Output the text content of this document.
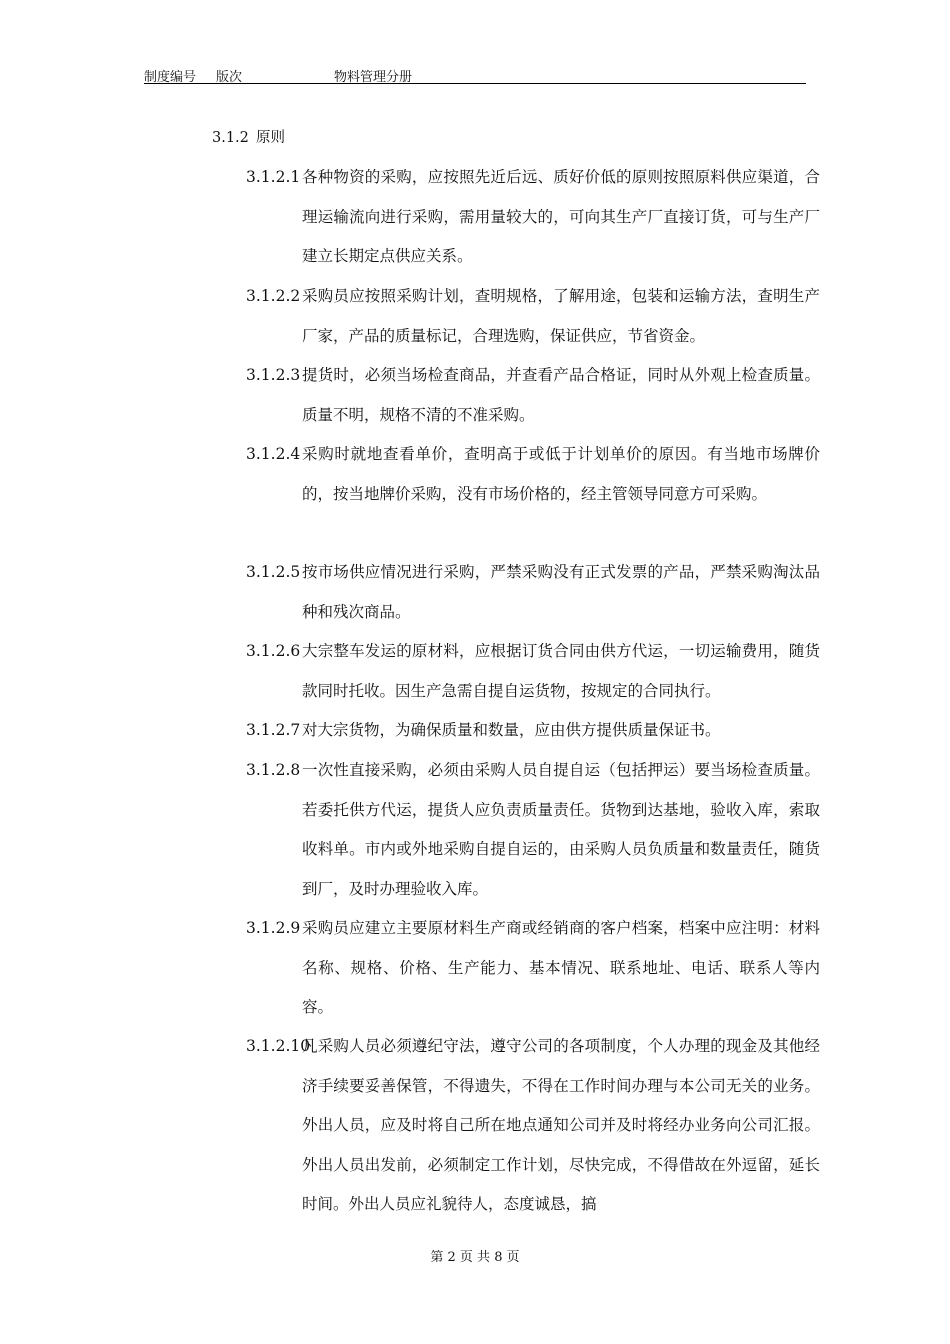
制度编号 版次	物料管理分册
3.1.2 原则
3.1.2.1 各种物资的采购，应按照先近后远、质好价低的原则按照原料供应渠道，合理运输流向进行采购，需用量较大的，可向其生产厂直接订货，可与生产厂建立长期定点供应关系。
3.1.2.2 采购员应按照采购计划，查明规格，了解用途，包装和运输方法，查明生产厂家，产品的质量标记，合理选购，保证供应，节省资金。
3.1.2.3 提货时，必须当场检查商品，并查看产品合格证，同时从外观上检查质量。质量不明，规格不清的不准采购。
3.1.2.4 采购时就地查看单价，查明高于或低于计划单价的原因。有当地市场牌价的，按当地牌价采购，没有市场价格的，经主管领导同意方可采购。
3.1.2.5 按市场供应情况进行采购，严禁采购没有正式发票的产品，严禁采购淘汰品种和残次商品。
3.1.2.6 大宗整车发运的原材料，应根据订货合同由供方代运，一切运输费用，随货款同时托收。因生产急需自提自运货物，按规定的合同执行。
3.1.2.7 对大宗货物，为确保质量和数量，应由供方提供质量保证书。
3.1.2.8 一次性直接采购，必须由采购人员自提自运（包括押运）要当场检查质量。若委托供方代运，提货人应负责质量责任。货物到达基地，验收入库，索取收料单。市内或外地采购自提自运的，由采购人员负质量和数量责任，随货到厂，及时办理验收入库。
3.1.2.9 采购员应建立主要原材料生产商或经销商的客户档案，档案中应注明：材料名称、规格、价格、生产能力、基本情况、联系地址、电话、联系人等内容。
3.1.2.10
凡采购人员必须遵纪守法，遵守公司的各项制度，个人办理的现金及其他经济手续要妥善保管，不得遗失，不得在工作时间办理与本公司无关的业务。外出人员，应及时将自己所在地点通知公司并及时将经办业务向公司汇报。外出人员出发前，必须制定工作计划，尽快完成，不得借故在外逗留，延长时间。外出人员应礼貌待人，态度诚恳，搞
第 2 页 共 8 页
